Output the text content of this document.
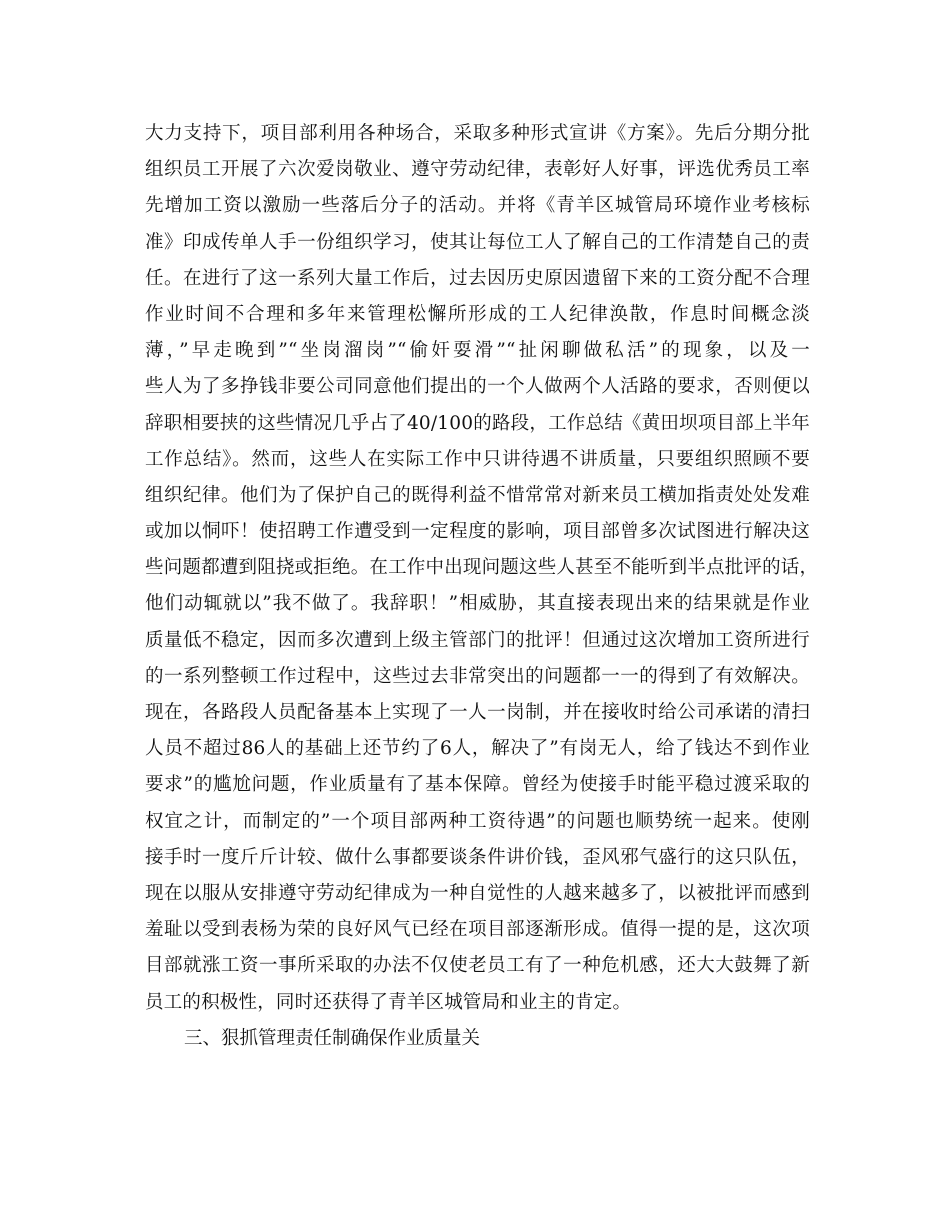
大力支持下，项目部利用各种场合，采取多种形式宣讲《方案》。先后分期分批
组织员工开展了六次爱岗敬业、遵守劳动纪律，表彰好人好事，评选优秀员工率
先增加工资以激励一些落后分子的活动。并将《青羊区城管局环境作业考核标
准》印成传单人手一份组织学习，使其让每位工人了解自己的工作清楚自己的责
任。在进行了这一系列大量工作后，过去因历史原因遗留下来的工资分配不合理
作业时间不合理和多年来管理松懈所形成的工人纪律涣散，作息时间概念淡
薄，”早走晚到”“坐岗溜岗”“偷奸耍滑”“扯闲聊做私活”的现象，以及一
些人为了多挣钱非要公司同意他们提出的一个人做两个人活路的要求，否则便以
辞职相要挟的这些情况几乎占了40/100的路段，工作总结《黄田坝项目部上半年
工作总结》。然而，这些人在实际工作中只讲待遇不讲质量，只要组织照顾不要
组织纪律。他们为了保护自己的既得利益不惜常常对新来员工横加指责处处发难
或加以恫吓！使招聘工作遭受到一定程度的影响，项目部曾多次试图进行解决这
些问题都遭到阻挠或拒绝。在工作中出现问题这些人甚至不能听到半点批评的话，
他们动辄就以”我不做了。我辞职！”相威胁，其直接表现出来的结果就是作业
质量低不稳定，因而多次遭到上级主管部门的批评！但通过这次增加工资所进行
的一系列整顿工作过程中，这些过去非常突出的问题都一一的得到了有效解决。
现在，各路段人员配备基本上实现了一人一岗制，并在接收时给公司承诺的清扫
人员不超过86人的基础上还节约了6人，解决了”有岗无人，给了钱达不到作业
要求”的尴尬问题，作业质量有了基本保障。曾经为使接手时能平稳过渡采取的
权宜之计，而制定的”一个项目部两种工资待遇”的问题也顺势统一起来。使刚
接手时一度斤斤计较、做什么事都要谈条件讲价钱，歪风邪气盛行的这只队伍，
现在以服从安排遵守劳动纪律成为一种自觉性的人越来越多了，以被批评而感到
羞耻以受到表杨为荣的良好风气已经在项目部逐渐形成。值得一提的是，这次项
目部就涨工资一事所采取的办法不仅使老员工有了一种危机感，还大大鼓舞了新
员工的积极性，同时还获得了青羊区城管局和业主的肯定。
三、狠抓管理责任制确保作业质量关
